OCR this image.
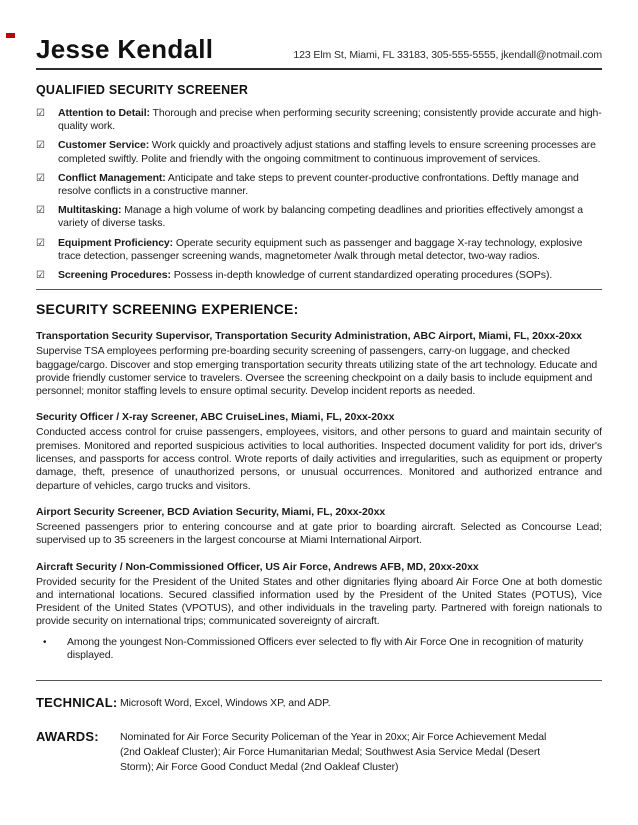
Jesse Kendall	123 Elm St, Miami, FL 33183, 305-555-5555, jkendall@notmail.com
QUALIFIED SECURITY SCREENER
☑	Attention to Detail: Thorough and precise when performing security screening; consistently provide accurate and high-quality work.
☑	Customer Service: Work quickly and proactively adjust stations and staffing levels to ensure screening processes are completed swiftly. Polite and friendly with the ongoing commitment to continuous improvement of services.
☑	Conflict Management: Anticipate and take steps to prevent counter-productive confrontations. Deftly manage and resolve conflicts in a constructive manner.
☑	Multitasking: Manage a high volume of work by balancing competing deadlines and priorities effectively amongst a variety of diverse tasks.
☑	Equipment Proficiency: Operate security equipment such as passenger and baggage X-ray technology, explosive trace detection, passenger screening wands, magnetometer /walk through metal detector, two-way radios.
☑	Screening Procedures: Possess in-depth knowledge of current standardized operating procedures (SOPs).
SECURITY SCREENING EXPERIENCE:
Transportation Security Supervisor, Transportation Security Administration, ABC Airport, Miami, FL, 20xx-20xx
Supervise TSA employees performing pre-boarding security screening of passengers, carry-on luggage, and checked baggage/cargo. Discover and stop emerging transportation security threats utilizing state of the art technology. Educate and provide friendly customer service to travelers. Oversee the screening checkpoint on a daily basis to include equipment and personnel; monitor staffing levels to ensure optimal security. Develop incident reports as needed.
Security Officer / X-ray Screener, ABC CruiseLines, Miami, FL, 20xx-20xx
Conducted access control for cruise passengers, employees, visitors, and other persons to guard and maintain security of premises. Monitored and reported suspicious activities to local authorities. Inspected document validity for port ids, driver's licenses, and passports for access control. Wrote reports of daily activities and irregularities, such as equipment or property damage, theft, presence of unauthorized persons, or unusual occurrences. Monitored and authorized entrance and departure of vehicles, cargo trucks and visitors.
Airport Security Screener, BCD Aviation Security, Miami, FL, 20xx-20xx
Screened passengers prior to entering concourse and at gate prior to boarding aircraft. Selected as Concourse Lead; supervised up to 35 screeners in the largest concourse at Miami International Airport.
Aircraft Security / Non-Commissioned Officer, US Air Force, Andrews AFB, MD, 20xx-20xx
Provided security for the President of the United States and other dignitaries flying aboard Air Force One at both domestic and international locations. Secured classified information used by the President of the United States (POTUS), Vice President of the United States (VPOTUS), and other individuals in the traveling party. Partnered with foreign nationals to provide security on international trips; communicated sovereignty of aircraft.
•	Among the youngest Non-Commissioned Officers ever selected to fly with Air Force One in recognition of maturity displayed.
TECHNICAL: Microsoft Word, Excel, Windows XP, and ADP.
AWARDS:	Nominated for Air Force Security Policeman of the Year in 20xx; Air Force Achievement Medal (2nd Oakleaf Cluster); Air Force Humanitarian Medal; Southwest Asia Service Medal (Desert Storm); Air Force Good Conduct Medal (2nd Oakleaf Cluster)
